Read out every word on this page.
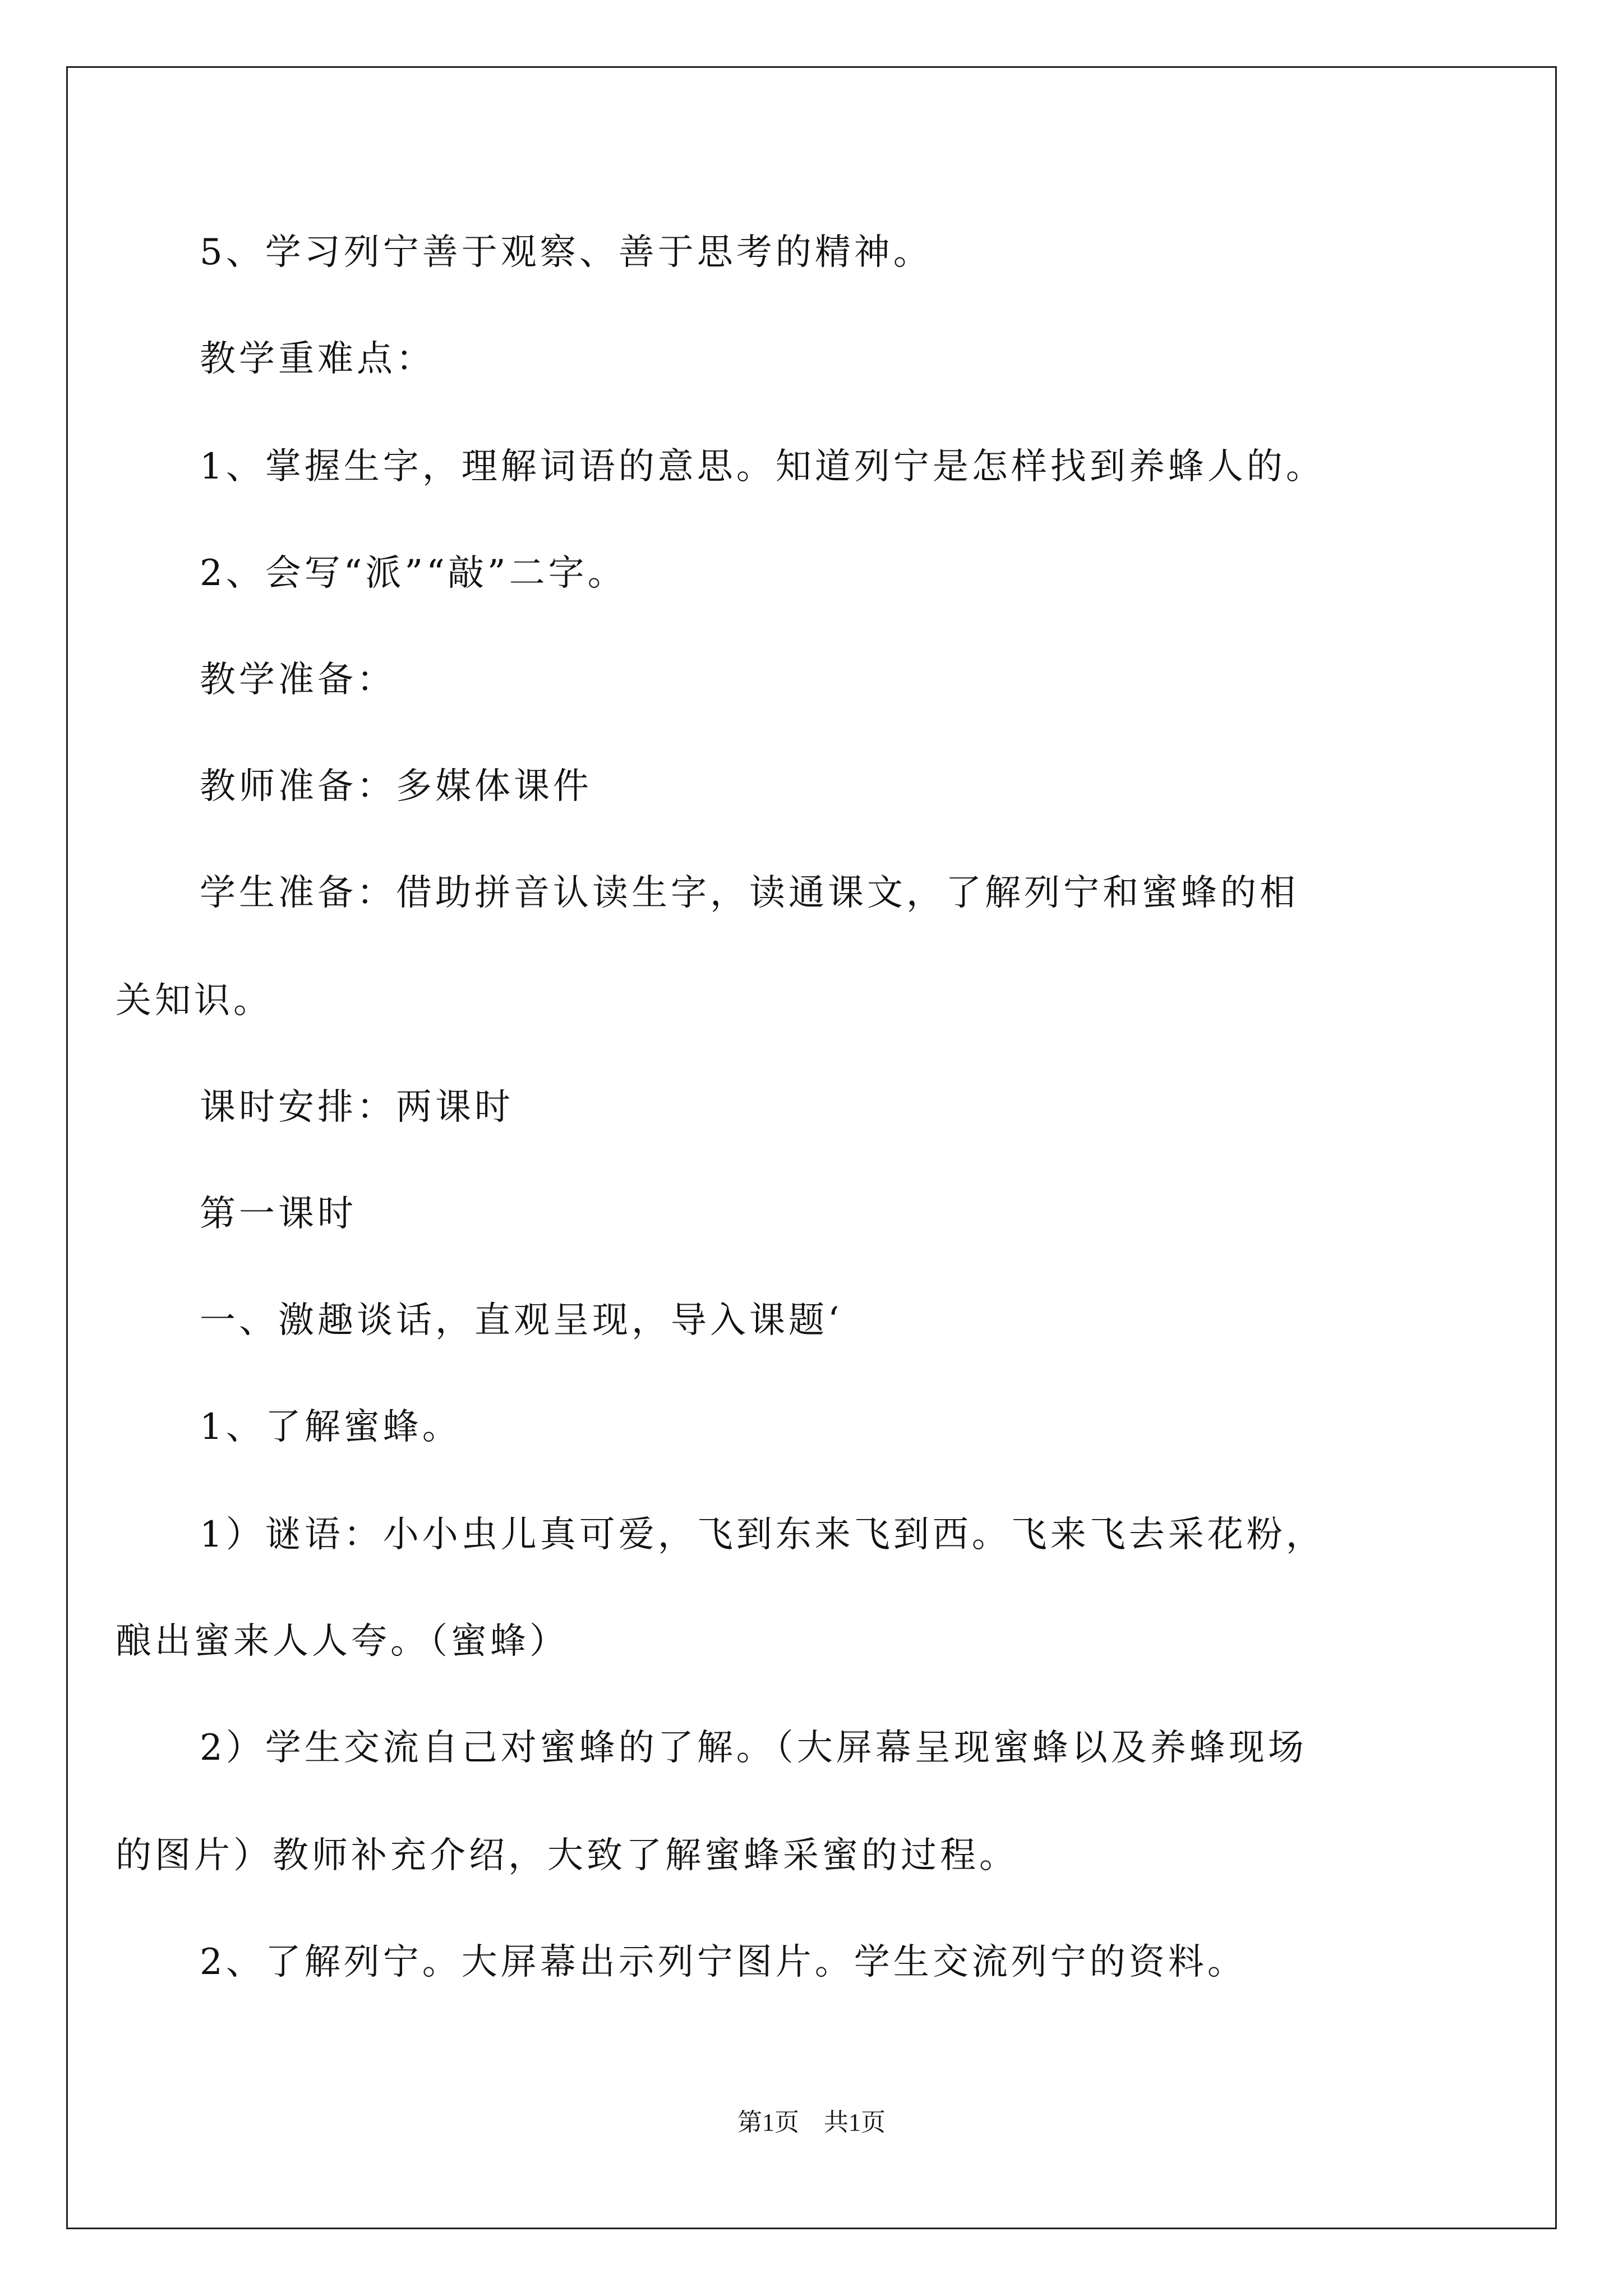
5、学习列宁善于观察、善于思考的精神。
教学重难点：
1、掌握生字，理解词语的意思。知道列宁是怎样找到养蜂人的。
2、会写“派”“敲”二字。
教学准备：
教师准备：多媒体课件
学生准备：借助拼音认读生字，读通课文，了解列宁和蜜蜂的相
关知识。
课时安排：两课时
第一课时
一、激趣谈话，直观呈现，导入课题‘
1、了解蜜蜂。
1）谜语：小小虫儿真可爱，飞到东来飞到西。飞来飞去采花粉，
酿出蜜来人人夸。（蜜蜂）
2）学生交流自己对蜜蜂的了解。（大屏幕呈现蜜蜂以及养蜂现场
的图片）教师补充介绍，大致了解蜜蜂采蜜的过程。
2、了解列宁。大屏幕出示列宁图片。学生交流列宁的资料。
第1页　共1页
